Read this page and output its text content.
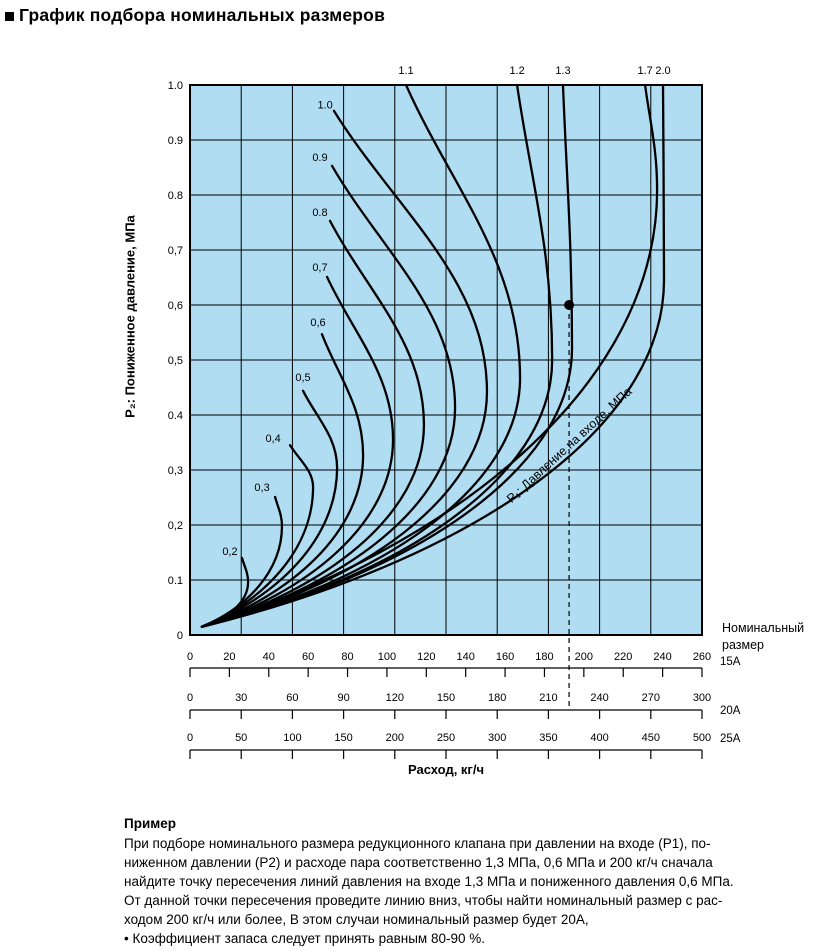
График подбора номинальных размеров
0,2
0,3
0,4
0,5
0,6
0,7
0.8
0.9
1.0
1.1	1.2	1.3	1.7 2.0
1.0
0.9
0.8
0,7
0,6
0,5
0.4
0,3
0,2
0.1
0
Р₁: Давление на входе, МПа
0	20 40 60 80 100 120 140 160 180 200 220 240 260 15А
0	30	60	90	120	150	180	210	240	270	300
20А
0	50	100	150	200	250	300	350	400	450	500 25А
Р₂: Пониженное давление, МПа
Расход, кг/ч
Номинальный
размер
Пример
При подборе номинального размера редукционного клапана при давлении на входе (Р1), по-
ниженном давлении (Р2) и расходе пара соответственно 1,3 МПа, 0,6 МПа и 200 кг/ч сначала
найдите точку пересечения линий давления на входе 1,3 МПа и пониженного давления 0,6 МПа.
От данной точки пересечения проведите линию вниз, чтобы найти номинальный размер с рас-
ходом 200 кг/ч или более, В этом случаи номинальный размер будет 20А,
• Коэффициент запаса следует принять равным 80-90 %.
